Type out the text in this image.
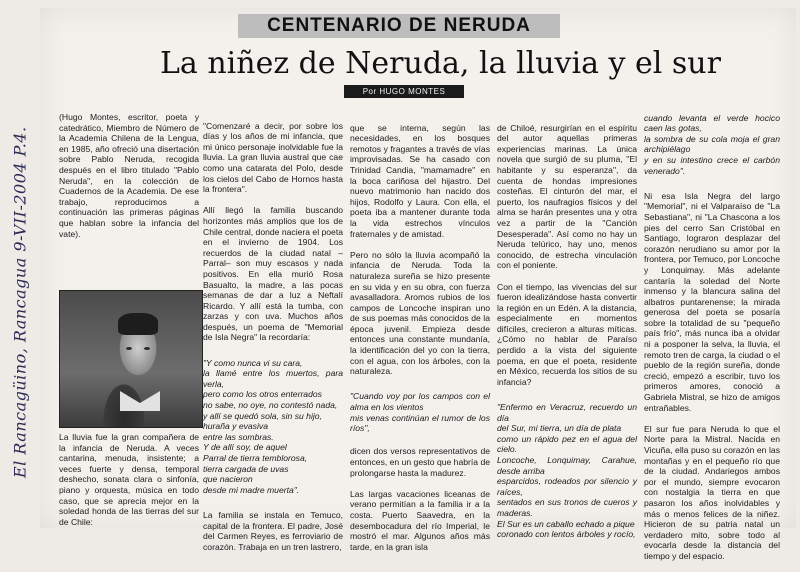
El Rancagüino, Rancagua 9-VII-2004 P.4.
CENTENARIO DE NERUDA
La niñez de Neruda, la lluvia y el sur
Por HUGO MONTES
(Hugo Montes, escritor, poeta y catedrático, Miembro de Número de la Academia Chilena de la Lengua, en 1985, año ofreció una disertación sobre Pablo Neruda, recogida después en el libro titulado "Pablo Neruda", en la colección de Cuadernos de la Academia. De ese trabajo, reproducimos a continuación las primeras páginas que hablan sobre la infancia del vate).
La lluvia fue la gran compañera de la infancia de Neruda. A veces cantarina, menuda, insistente; a veces fuerte y densa, temporal deshecho, sonata clara o sinfonía, piano y orquesta, música en todo caso, que se aprecia mejor en la soledad honda de las tierras del sur de Chile:

"Comenzaré a decir, por sobre los días y los años de mi infancia, que mi único personaje inolvidable fue la lluvia. La gran lluvia austral que cae como una catarata del Polo, desde los cielos del Cabo de Hornos hasta la frontera".

Allí llegó la familia buscando horizontes más amplios que los de Chile central, donde naciera el poeta en el invierno de 1904. Los recuerdos de la ciudad natal –Parral– son muy escasos y nada positivos. En ella murió Rosa Basualto, la madre, a las pocas semanas de dar a luz a Neftalí Ricardo. Y allí está la tumba, con zarzas y con uva. Muchos años después, un poema de "Memorial de Isla Negra" la recordaría:

"Y como nunca vi su cara,
la llamé entre los muertos, para verla,
pero como los otros enterrados
no sabe, no oye, no contestó nada,
y allí se quedó sola, sin su hijo,
huraña y evasiva
entre las sombras.
Y de allí soy, de aquel
Parral de tierra temblorosa,
tierra cargada de uvas
que nacieron
desde mi madre muerta".

La familia se instala en Temuco, capital de la frontera. El padre, José del Carmen Reyes, es ferroviario de corazón. Trabaja en un tren lastrero,

que se interna, según las necesidades, en los bosques remotos y fragantes a través de vías improvisadas. Se ha casado con Trinidad Candia, "mamamadre" en la boca cariñosa del hijastro. Del nuevo matrimonio han nacido dos hijos, Rodolfo y Laura. Con ella, el poeta iba a mantener durante toda la vida estrechos vínculos fraternales y de amistad.

Pero no sólo la lluvia acompañó la infancia de Neruda. Toda la naturaleza sureña se hizo presente en su vida y en su obra, con fuerza avasalladora. Aromos rubios de los campos de Loncoche inspiran uno de sus poemas más conocidos de la época juvenil. Empieza desde entonces una constante mundanía, la identificación del yo con la tierra, con el agua, con los árboles, con la naturaleza.

"Cuando voy por los campos con el alma en los vientos
mis venas continúan el rumor de los ríos",

dicen dos versos representativos de entonces, en un gesto que habría de prolongarse hasta la madurez.

Las largas vacaciones liceanas de verano permitían a la familia ir a la costa. Puerto Saavedra, en la desembocadura del río Imperial, le mostró el mar. Algunos años más tarde, en la gran isla

de Chiloé, resurgirían en el espíritu del autor aquellas primeras experiencias marinas. La única novela que surgió de su pluma, "El habitante y su esperanza", da cuenta de hondas impresiones costeñas. El cinturón del mar, el puerto, los naufragios físicos y del alma se harán presentes una y otra vez a partir de la "Canción Desesperada". Así como no hay un Neruda telúrico, hay uno, menos conocido, de estrecha vinculación con el poniente.

Con el tiempo, las vivencias del sur fueron idealizándose hasta convertir la región en un Edén. A la distancia, especialmente en momentos difíciles, crecieron a alturas míticas. ¿Cómo no hablar de Paraíso perdido a la vista del siguiente poema, en que el poeta, residente en México, recuerda los sitios de su infancia?

"Enfermo en Veracruz, recuerdo un día
del Sur, mi tierra, un día de plata
como un rápido pez en el agua del cielo.
Loncoche, Lonquimay, Carahue, desde arriba
esparcidos, rodeados por silencio y raíces,
sentados en sus tronos de cueros y maderas.
El Sur es un caballo echado a pique
coronado con lentos árboles y rocío,

cuando levanta el verde hocico caen las gotas,
la sombra de su cola moja el gran archipiélago
y en su intestino crece el carbón venerado".

Ni esa Isla Negra del largo "Memorial", ni el Valparaíso de "La Sebastiana", ni "La Chascona a los pies del cerro San Cristóbal en Santiago, lograron desplazar del corazón nerudiano su amor por la frontera, por Temuco, por Loncoche y Lonquimay. Más adelante cantaría la soledad del Norte inmenso y la blancura salina del albatros puntarenense; la mirada generosa del poeta se posaría sobre la totalidad de su "pequeño país frío", más nunca iba a olvidar ni a posponer la selva, la lluvia, el remoto tren de carga, la ciudad o el pueblo de la región sureña, donde creció, empezó a escribir, tuvo los primeros amores, conoció a Gabriela Mistral, se hizo de amigos entrañables.

El sur fue para Neruda lo que el Norte para la Mistral. Nacida en Vicuña, ella puso su corazón en las montañas y en el pequeño río que de la ciudad. Andariegos ambos por el mundo, siempre evocaron con nostalgia la tierra en que pasaron los años inolvidables y más o menos felices de la niñez. Hicieron de su patria natal un verdadero mito, sobre todo al evocarla desde la distancia del tiempo y del espacio.
